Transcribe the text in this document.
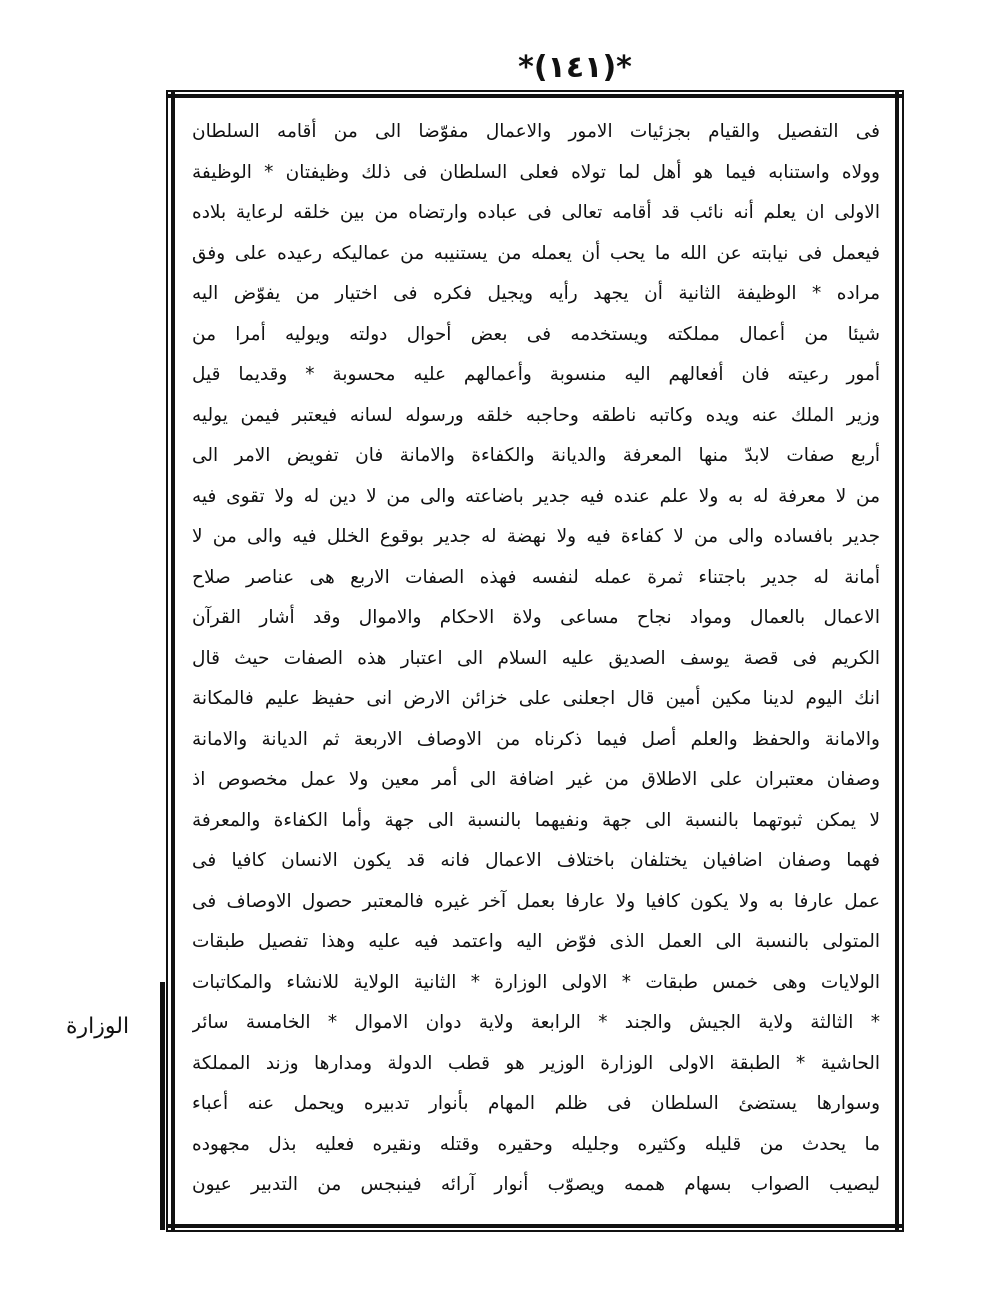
*(١٤١)*
فى التفصيل والقيام بجزئيات الامور والاعمال مفوّضا الى من أقامه السلطان
وولاه واستنابه فيما هو أهل لما تولاه فعلى السلطان فى ذلك وظيفتان * الوظيفة
الاولى ان يعلم أنه نائب قد أقامه تعالى فى عباده وارتضاه من بين خلقه لرعاية بلاده
فيعمل فى نيابته عن الله ما يحب أن يعمله من يستنيبه من عماليكه رعيده على وفق
مراده * الوظيفة الثانية أن يجهد رأيه ويجيل فكره فى اختيار من يفوّض اليه
شيئا من أعمال مملكته ويستخدمه فى بعض أحوال دولته ويوليه أمرا من
أمور رعيته فان أفعالهم اليه منسوبة وأعمالهم عليه محسوبة * وقديما قيل
وزير الملك عنه ويده وكاتبه ناطقه وحاجبه خلقه ورسوله لسانه فيعتبر فيمن يوليه
أربع صفات لابدّ منها المعرفة والديانة والكفاءة والامانة فان تفويض الامر الى
من لا معرفة له به ولا علم عنده فيه جدير باضاعته والى من لا دين له ولا تقوى فيه
جدير بافساده والى من لا كفاءة فيه ولا نهضة له جدير بوقوع الخلل فيه والى من لا
أمانة له جدير باجتناء ثمرة عمله لنفسه فهذه الصفات الاربع هى عناصر صلاح
الاعمال بالعمال ومواد نجاح مساعى ولاة الاحكام والاموال وقد أشار القرآن
الكريم فى قصة يوسف الصديق عليه السلام الى اعتبار هذه الصفات حيث قال
انك اليوم لدينا مكين أمين قال اجعلنى على خزائن الارض انى حفيظ عليم فالمكانة
والامانة والحفظ والعلم أصل فيما ذكرناه من الاوصاف الاربعة ثم الديانة والامانة
وصفان معتبران على الاطلاق من غير اضافة الى أمر معين ولا عمل مخصوص اذ
لا يمكن ثبوتهما بالنسبة الى جهة ونفيهما بالنسبة الى جهة وأما الكفاءة والمعرفة
فهما وصفان اضافيان يختلفان باختلاف الاعمال فانه قد يكون الانسان كافيا فى
عمل عارفا به ولا يكون كافيا ولا عارفا بعمل آخر غيره فالمعتبر حصول الاوصاف فى
المتولى بالنسبة الى العمل الذى فوّض اليه واعتمد فيه عليه وهذا تفصيل طبقات
الولايات وهى خمس طبقات * الاولى الوزارة * الثانية الولاية للانشاء والمكاتبات
* الثالثة ولاية الجيش والجند * الرابعة ولاية دوان الاموال * الخامسة سائر
الحاشية * الطبقة الاولى الوزارة الوزير هو قطب الدولة ومدارها وزند المملكة
وسوارها يستضئ السلطان فى ظلم المهام بأنوار تدبيره ويحمل عنه أعباء
ما يحدث من قليله وكثيره وجليله وحقيره وقتله ونقيره فعليه بذل مجهوده
ليصيب الصواب بسهام هممه ويصوّب أنوار آرائه فينبجس من التدبير عيون
الوزارة
